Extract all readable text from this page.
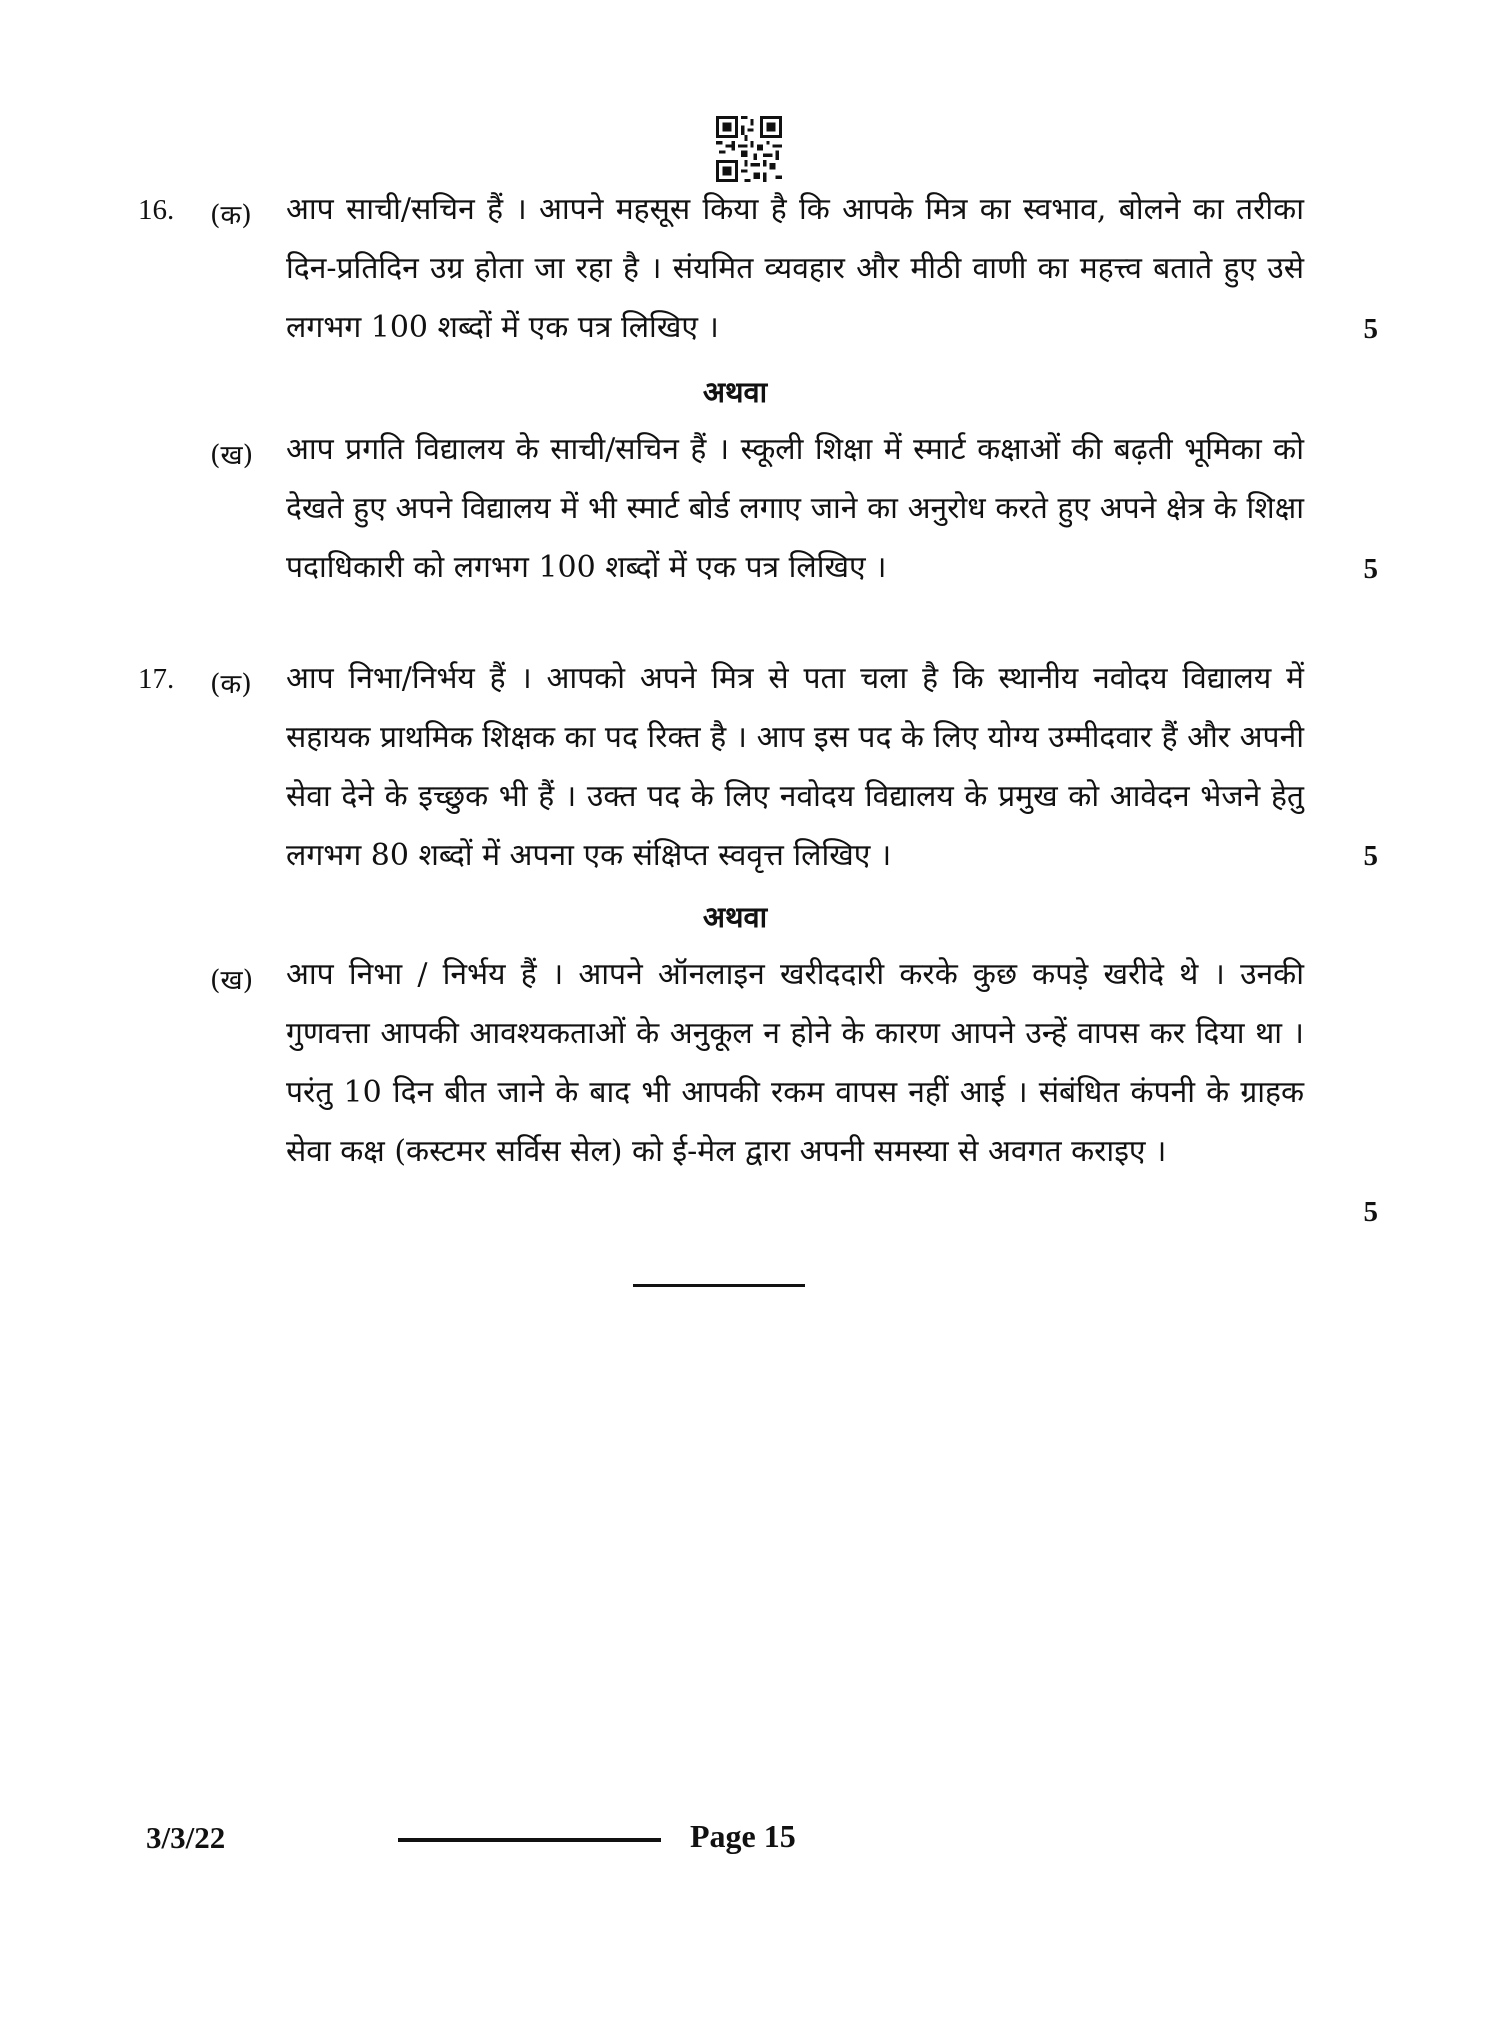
16. (क) आप साची/सचिन हैं । आपने महसूस किया है कि आपके मित्र का स्वभाव, बोलने का तरीका दिन-प्रतिदिन उग्र होता जा रहा है । संयमित व्यवहार और मीठी वाणी का महत्त्व बताते हुए उसे लगभग 100 शब्दों में एक पत्र लिखिए ।	5
अथवा
(ख) आप प्रगति विद्यालय के साची/सचिन हैं । स्कूली शिक्षा में स्मार्ट कक्षाओं की बढ़ती भूमिका को देखते हुए अपने विद्यालय में भी स्मार्ट बोर्ड लगाए जाने का अनुरोध करते हुए अपने क्षेत्र के शिक्षा पदाधिकारी को लगभग 100 शब्दों में एक पत्र लिखिए ।	5
17. (क) आप निभा/निर्भय हैं । आपको अपने मित्र से पता चला है कि स्थानीय नवोदय विद्यालय में सहायक प्राथमिक शिक्षक का पद रिक्त है । आप इस पद के लिए योग्य उम्मीदवार हैं और अपनी सेवा देने के इच्छुक भी हैं । उक्त पद के लिए नवोदय विद्यालय के प्रमुख को आवेदन भेजने हेतु लगभग 80 शब्दों में अपना एक संक्षिप्त स्ववृत्त लिखिए ।	5
अथवा
(ख) आप निभा / निर्भय हैं । आपने ऑनलाइन खरीददारी करके कुछ कपड़े खरीदे थे । उनकी गुणवत्ता आपकी आवश्यकताओं के अनुकूल न होने के कारण आपने उन्हें वापस कर दिया था । परंतु 10 दिन बीत जाने के बाद भी आपकी रकम वापस नहीं आई । संबंधित कंपनी के ग्राहक सेवा कक्ष (कस्टमर सर्विस सेल) को ई-मेल द्वारा अपनी समस्या से अवगत कराइए ।
5
3/3/22	Page 15
